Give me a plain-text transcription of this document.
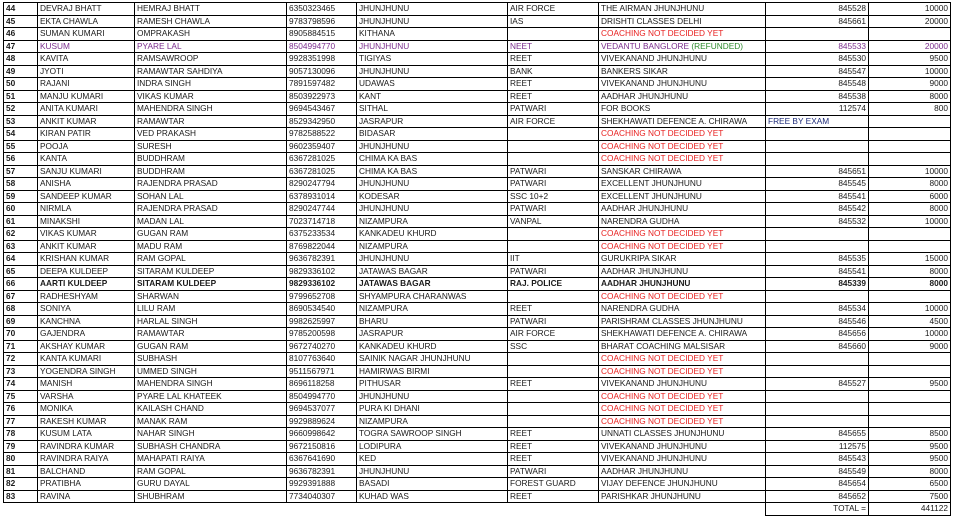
44	DEVRAJ BHATT	HEMRAJ BHATT	6350323465	JHUNJHUNU	AIR FORCE	THE AIRMAN JHUNJHUNU	845528	10000
45	EKTA CHAWLA	RAMESH CHAWLA	9783798596	JHUNJHUNU	IAS	DRISHTI CLASSES DELHI	845661	20000
46	SUMAN KUMARI	OMPRAKASH	8905884515	KITHANA		COACHING NOT DECIDED YET		
47	KUSUM	PYARE LAL	8504994770	JHUNJHUNU	NEET	VEDANTU BANGLORE (REFUNDED)	845533	20000
48	KAVITA	RAMSAWROOP	9928351998	TIGIYAS	REET	VIVEKANAND JHUNJHUNU	845530	9500
49	JYOTI	RAMAWTAR SAHDIYA	9057130096	JHUNJHUNU	BANK	BANKERS SIKAR	845547	10000
50	RAJANI	INDRA SINGH	7891597482	UDAWAS	REET	VIVEKANAND JHUNJHUNU	845548	9000
51	MANJU KUMARI	VIKAS KUMAR	8503922973	KANT	REET	AADHAR JHUNJHUNU	845538	8000
52	ANITA KUMARI	MAHENDRA SINGH	9694543467	SITHAL	PATWARI	FOR BOOKS	112574	800
53	ANKIT KUMAR	RAMAWTAR	8529342950	JASRAPUR	AIR FORCE	SHEKHAWATI DEFENCE A. CHIRAWA	FREE BY EXAM	

54	KIRAN PATIR	VED PRAKASH	9782588522	BIDASAR		COACHING NOT DECIDED YET		
55	POOJA	SURESH	9602359407	JHUNJHUNU		COACHING NOT DECIDED YET		
56	KANTA	BUDDHRAM	6367281025	CHIMA KA BAS		COACHING NOT DECIDED YET		
57	SANJU KUMARI	BUDDHRAM	6367281025	CHIMA KA BAS	PATWARI	SANSKAR CHIRAWA	845651	10000
58	ANISHA	RAJENDRA PRASAD	8290247794	JHUNJHUNU	PATWARI	EXCELLENT JHUNJHUNU	845545	8000
59	SANDEEP KUMAR	SOHAN LAL	6378931014	KODESAR	SSC 10+2	EXCELLENT JHUNJHUNU	845541	6000
60	NIRMLA	RAJENDRA PRASAD	8290247744	JHUNJHUNU	PATWARI	AADHAR JHUNJHUNU	845542	8000
61	MINAKSHI	MADAN LAL	7023714718	NIZAMPURA	VANPAL	NARENDRA GUDHA	845532	10000
62	VIKAS KUMAR	GUGAN RAM	6375233534	KANKADEU KHURD		COACHING NOT DECIDED YET		
63	ANKIT KUMAR	MADU RAM	8769822044	NIZAMPURA		COACHING NOT DECIDED YET		
64	KRISHAN KUMAR	RAM GOPAL	9636782391	JHUNJHUNU	IIT	GURUKRIPA SIKAR	845535	15000
65	DEEPA KULDEEP	SITARAM KULDEEP	9829336102	JATAWAS BAGAR	PATWARI	AADHAR JHUNJHUNU	845541	8000
66	AARTI KULDEEP	SITARAM KULDEEP	9829336102	JATAWAS BAGAR	RAJ. POLICE	AADHAR JHUNJHUNU	845339	8000
67	RADHESHYAM	SHARWAN	9799652708	SHYAMPURA CHARANWAS		COACHING NOT DECIDED YET		
68	SONIYA	LILU RAM	8690534540	NIZAMPURA	REET	NARENDRA GUDHA	845534	10000
69	KANCHNA	HARLAL SINGH	9982625997	BHARU	PATWARI	PARISHRAM CLASSES JHUNJHUNU	845546	4500
70	GAJENDRA	RAMAWTAR	9785200598	JASRAPUR	AIR FORCE	SHEKHAWATI DEFENCE A. CHIRAWA	845656	10000
71	AKSHAY KUMAR	GUGAN RAM	9672740270	KANKADEU KHURD	SSC	BHARAT COACHING MALSISAR	845660	9000
72	KANTA KUMARI	SUBHASH	8107763640	SAINIK NAGAR JHUNJHUNU		COACHING NOT DECIDED YET		
73	YOGENDRA SINGH	UMMED SINGH	9511567971	HAMIRWAS BIRMI		COACHING NOT DECIDED YET		
74	MANISH	MAHENDRA SINGH	8696118258	PITHUSAR	REET	VIVEKANAND JHUNJHUNU	845527	9500
75	VARSHA	PYARE LAL KHATEEK	8504994770	JHUNJHUNU		COACHING NOT DECIDED YET		
76	MONIKA	KAILASH CHAND	9694537077	PURA KI DHANI		COACHING NOT DECIDED YET		
77	RAKESH KUMAR	MANAK RAM	9929889624	NIZAMPURA		COACHING NOT DECIDED YET		
78	KUSUM LATA	NAHAR SINGH	9660998642	TOGRA SAWROOP SINGH	REET	UNNATI CLASSES JHUNJHUNU	845655	8500
79	RAVINDRA KUMAR	SUBHASH CHANDRA	9672150816	LODIPURA	REET	VIVEKANAND JHUNJHUNU	112575	9500
80	RAVINDRA RAIYA	MAHAPATI RAIYA	6367641690	KED	REET	VIVEKANAND JHUNJHUNU	845543	9500
81	BALCHAND	RAM GOPAL	9636782391	JHUNJHUNU	PATWARI	AADHAR JHUNJHUNU	845549	8000
82	PRATIBHA	GURU DAYAL	9929391888	BASADI	FOREST GUARD	VIJAY DEFENCE JHUNJHUNU	845654	6500
83	RAVINA	SHUBHRAM	7734040307	KUHAD WAS	REET	PARISHKAR JHUNJHUNU	845652	7500
							TOTAL =	441122
